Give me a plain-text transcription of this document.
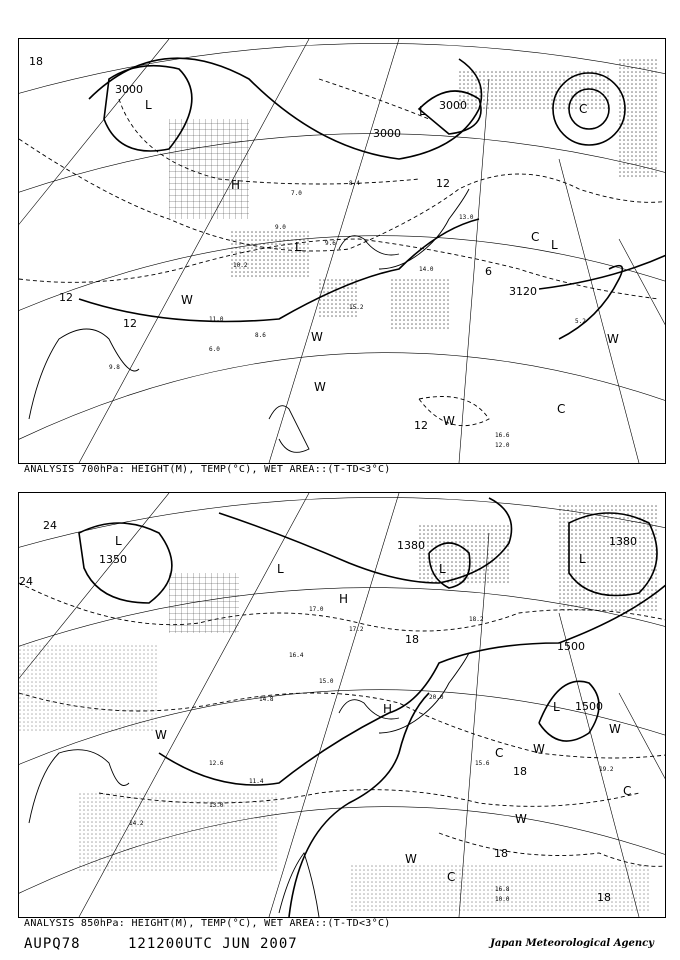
18
12
12
12
6
12
3000
3000
3000
3120
L	L
L	L
C
C
H
W
W
W
W
C
W
7.0
8.4
9.0
9.6
10.2
11.0
13.0
14.0
15.2
16.6
12.0
9.8
6.0
8.6
5.2
ANALYSIS 700hPa: HEIGHT(M), TEMP(°C), WET AREA::(T-TD<3°C)
24
24
18
18
18
18
1380
1500
1500
1350
1380
L
L	L
L
L
H
H
W
W
W
C
C
W
W
C
17.0
17.2
16.4
15.0
14.8
12.6
18.2
20.0
16.8
10.0
15.6
19.2
14.2
13.0
11.4
ANALYSIS 850hPa: HEIGHT(M), TEMP(°C), WET AREA::(T-TD<3°C)
AUPQ78	121200UTC JUN 2007	Japan Meteorological Agency
